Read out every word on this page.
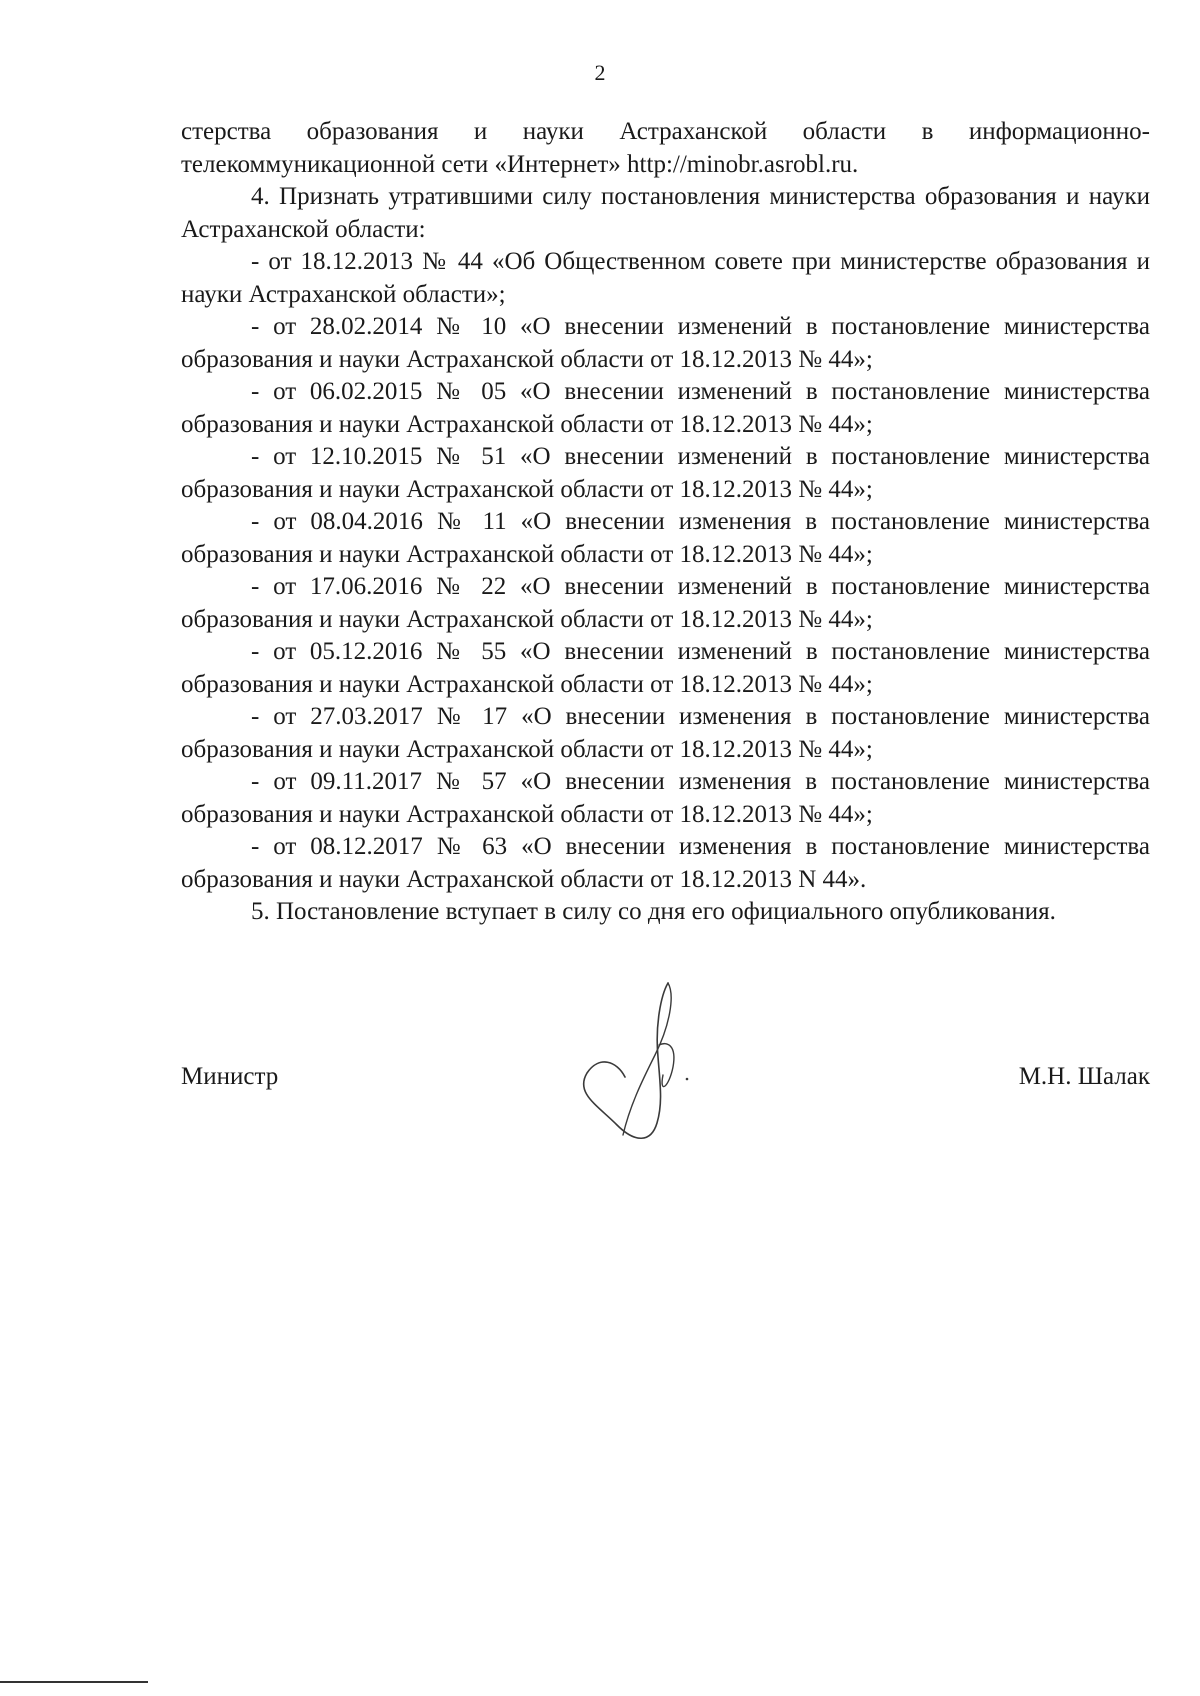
2

стерства образования и науки Астраханской области в информационно-телекоммуникационной сети «Интернет» http://minobr.asrobl.ru.

4. Признать утратившими силу постановления министерства образования и науки Астраханской области:

- от 18.12.2013 № 44 «Об Общественном совете при министерстве образования и науки Астраханской области»;

- от 28.02.2014 № 10 «О внесении изменений в постановление министерства образования и науки Астраханской области от 18.12.2013 № 44»;

- от 06.02.2015 № 05 «О внесении изменений в постановление министерства образования и науки Астраханской области от 18.12.2013 № 44»;

- от 12.10.2015 № 51 «О внесении изменений в постановление министерства образования и науки Астраханской области от 18.12.2013 № 44»;

- от 08.04.2016 № 11 «О внесении изменения в постановление министерства образования и науки Астраханской области от 18.12.2013 № 44»;

- от 17.06.2016 № 22 «О внесении изменений в постановление министерства образования и науки Астраханской области от 18.12.2013 № 44»;

- от 05.12.2016 № 55 «О внесении изменений в постановление министерства образования и науки Астраханской области от 18.12.2013 № 44»;

- от 27.03.2017 № 17 «О внесении изменения в постановление министерства образования и науки Астраханской области от 18.12.2013 № 44»;

- от 09.11.2017 № 57 «О внесении изменения в постановление министерства образования и науки Астраханской области от 18.12.2013 № 44»;

- от 08.12.2017 № 63 «О внесении изменения в постановление министерства образования и науки Астраханской области от 18.12.2013 N 44».

5. Постановление вступает в силу со дня его официального опубликования.

Министр	М.Н. Шалак
